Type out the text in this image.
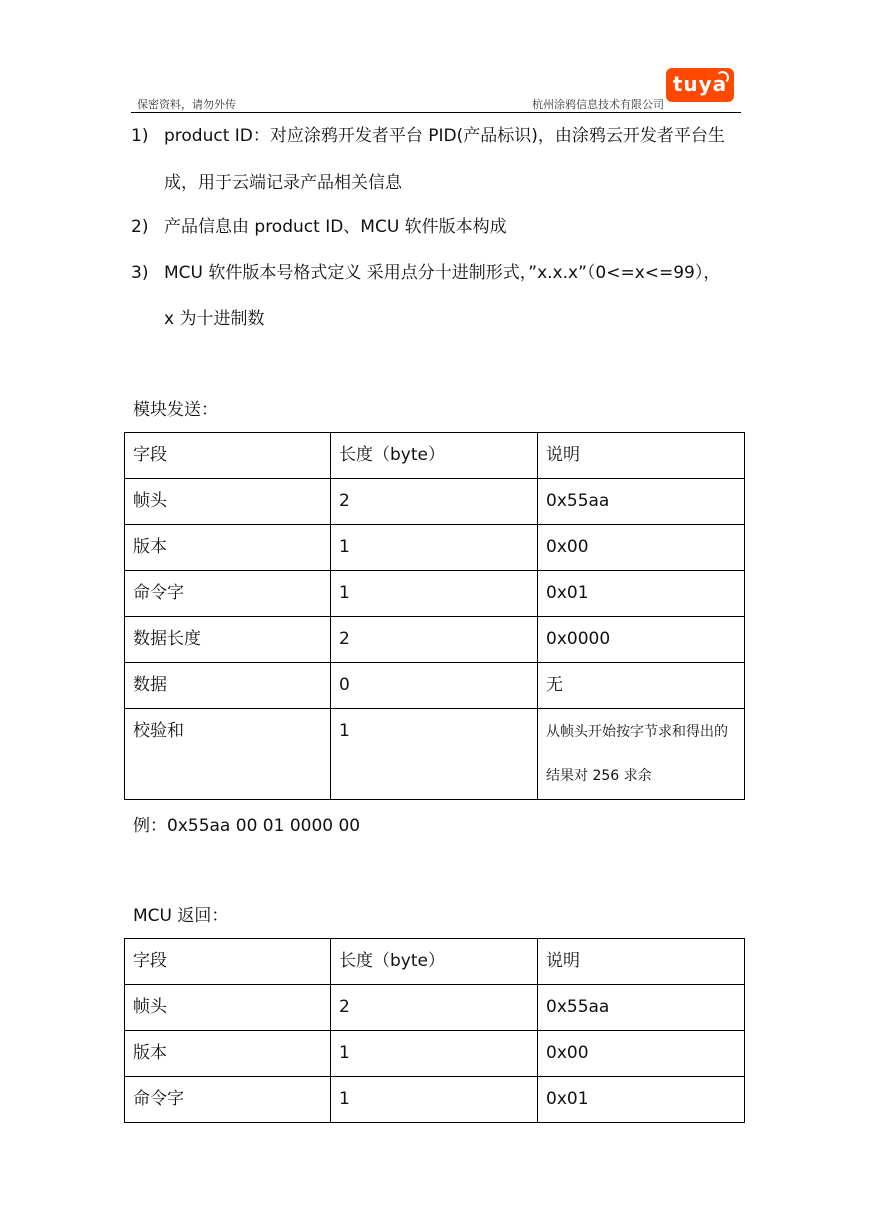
保密资料，请勿外传	杭州涂鸦信息技术有限公司
tuya
1) product ID：对应涂鸦开发者平台 PID(产品标识)，由涂鸦云开发者平台生
成，用于云端记录产品相关信息
2) 产品信息由 product ID、MCU 软件版本构成
3) MCU 软件版本号格式定义 采用点分十进制形式，”x.x.x”（0<=x<=99），
x 为十进制数
模块发送：
字段	长度（byte）	说明
帧头	2	0x55aa
版本	1	0x00
命令字	1	0x01
数据长度	2	0x0000
数据	0	无
校验和	1	从帧头开始按字节求和得出的
结果对 256 求余
例：0x55aa 00 01 0000 00
MCU 返回：
字段	长度（byte）	说明
帧头	2	0x55aa
版本	1	0x00
命令字	1	0x01
